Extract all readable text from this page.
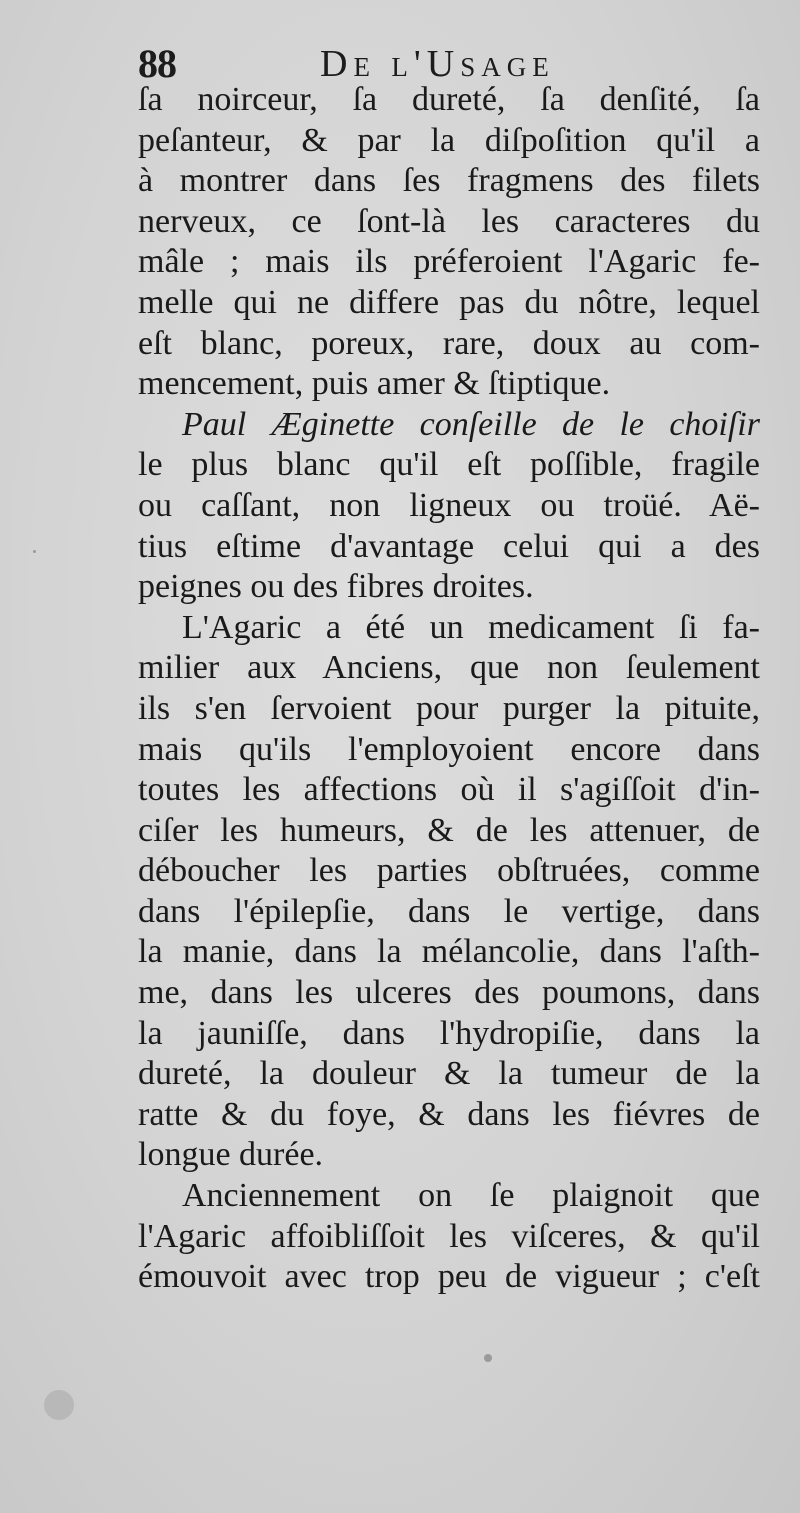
88	De l'Usage
ſa noirceur, ſa dureté, ſa denſité, ſa
peſanteur, & par la diſpoſition qu'il a
à montrer dans ſes fragmens des filets
nerveux, ce ſont-là les caracteres du
mâle ; mais ils préferoient l'Agaric fe-
melle qui ne differe pas du nôtre, lequel
eſt blanc, poreux, rare, doux au com-
mencement, puis amer & ſtiptique.
Paul Æginette conſeille de le choiſir
le plus blanc qu'il eſt poſſible, fragile
ou caſſant, non ligneux ou troüé. Aë-
tius eſtime d'avantage celui qui a des
peignes ou des fibres droites.
L'Agaric a été un medicament ſi fa-
milier aux Anciens, que non ſeulement
ils s'en ſervoient pour purger la pituite,
mais qu'ils l'employoient encore dans
toutes les affections où il s'agiſſoit d'in-
ciſer les humeurs, & de les attenuer, de
déboucher les parties obſtruées, comme
dans l'épilepſie, dans le vertige, dans
la manie, dans la mélancolie, dans l'aſth-
me, dans les ulceres des poumons, dans
la jauniſſe, dans l'hydropiſie, dans la
dureté, la douleur & la tumeur de la
ratte & du foye, & dans les fiévres de
longue durée.
Anciennement on ſe plaignoit que
l'Agaric affoibliſſoit les viſceres, & qu'il
émouvoit avec trop peu de vigueur ; c'eſt
